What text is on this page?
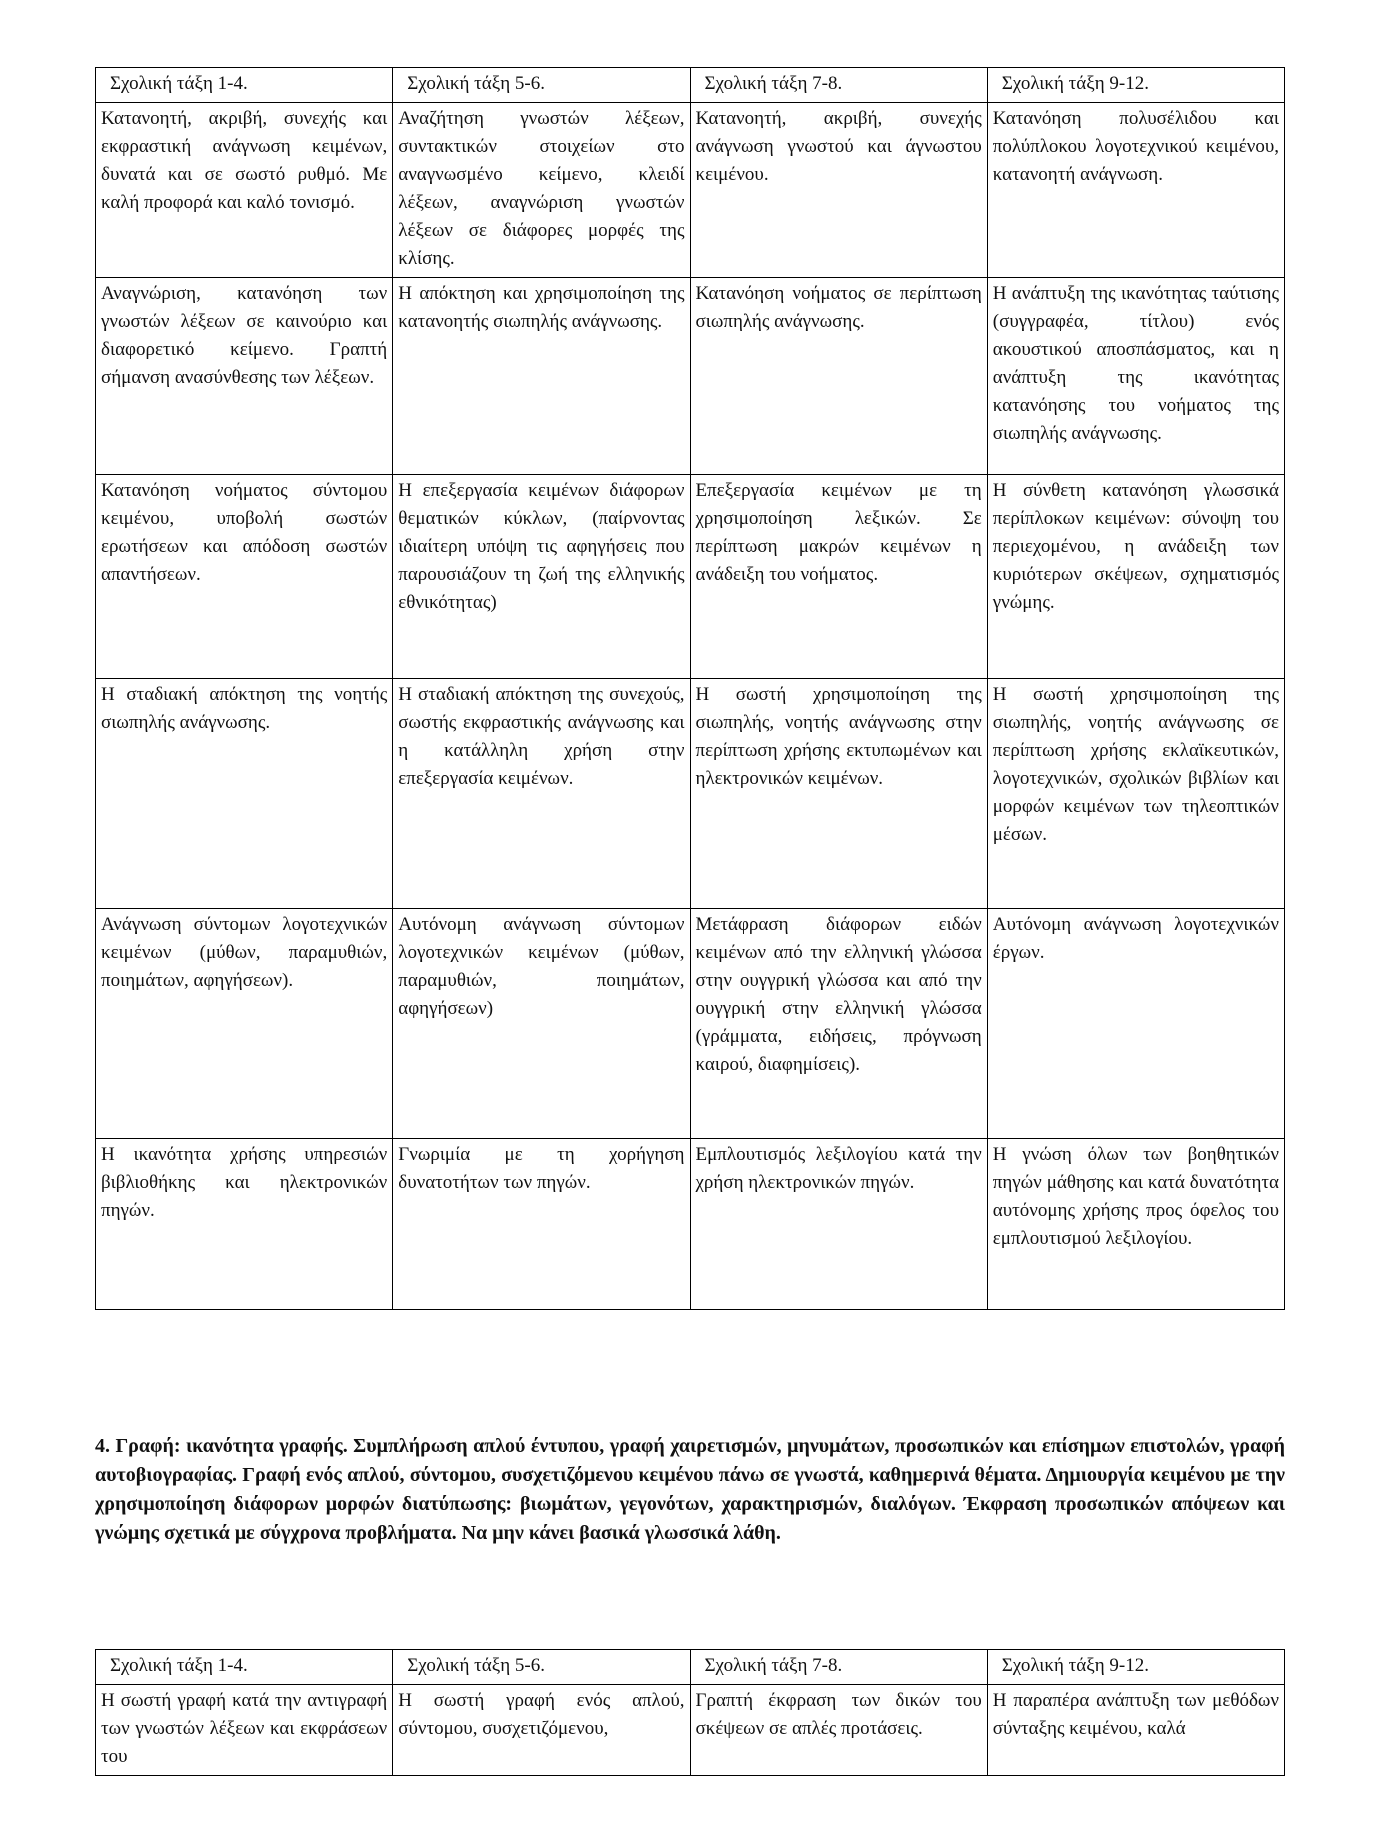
Σχολική τάξη 1-4.	Σχολική τάξη 5-6.	Σχολική τάξη 7-8.	Σχολική τάξη 9-12.
Κατανοητή, ακριβή, συνεχής και εκφραστική ανάγνωση κειμένων, δυνατά και σε σωστό ρυθμό. Με καλή προφορά και καλό τονισμό.	Αναζήτηση γνωστών λέξεων, συντακτικών στοιχείων στο αναγνωσμένο κείμενο, κλειδί λέξεων, αναγνώριση γνωστών λέξεων σε διάφορες μορφές της κλίσης.	Κατανοητή, ακριβή, συνεχής ανάγνωση γνωστού και άγνωστου κειμένου.	Κατανόηση πολυσέλιδου και πολύπλοκου λογοτεχνικού κειμένου, κατανοητή ανάγνωση.
Αναγνώριση, κατανόηση των γνωστών λέξεων σε καινούριο και διαφορετικό κείμενο. Γραπτή σήμανση ανασύνθεσης των λέξεων.	Η απόκτηση και χρησιμοποίηση της κατανοητής σιωπηλής ανάγνωσης.	Κατανόηση νοήματος σε περίπτωση σιωπηλής ανάγνωσης.	Η ανάπτυξη της ικανότητας ταύτισης (συγγραφέα, τίτλου) ενός ακουστικού αποσπάσματος, και η ανάπτυξη της ικανότητας κατανόησης του νοήματος της σιωπηλής ανάγνωσης.
Κατανόηση νοήματος σύντομου κειμένου, υποβολή σωστών ερωτήσεων και απόδοση σωστών απαντήσεων.	Η επεξεργασία κειμένων διάφορων θεματικών κύκλων, (παίρνοντας ιδιαίτερη υπόψη τις αφηγήσεις που παρουσιάζουν τη ζωή της ελληνικής εθνικότητας)	Επεξεργασία κειμένων με τη χρησιμοποίηση λεξικών. Σε περίπτωση μακρών κειμένων η ανάδειξη του νοήματος.	Η σύνθετη κατανόηση γλωσσικά περίπλοκων κειμένων: σύνοψη του περιεχομένου, η ανάδειξη των κυριότερων σκέψεων, σχηματισμός γνώμης.
Η σταδιακή απόκτηση της νοητής σιωπηλής ανάγνωσης.	Η σταδιακή απόκτηση της συνεχούς, σωστής εκφραστικής ανάγνωσης και η κατάλληλη χρήση στην επεξεργασία κειμένων.	Η σωστή χρησιμοποίηση της σιωπηλής, νοητής ανάγνωσης στην περίπτωση χρήσης εκτυπωμένων και ηλεκτρονικών κειμένων.	Η σωστή χρησιμοποίηση της σιωπηλής, νοητής ανάγνωσης σε περίπτωση χρήσης εκλαϊκευτικών, λογοτεχνικών, σχολικών βιβλίων και μορφών κειμένων των τηλεοπτικών μέσων.
Ανάγνωση σύντομων λογοτεχνικών κειμένων (μύθων, παραμυθιών, ποιημάτων, αφηγήσεων).	Αυτόνομη ανάγνωση σύντομων λογοτεχνικών κειμένων (μύθων, παραμυθιών, ποιημάτων, αφηγήσεων)	Μετάφραση διάφορων ειδών κειμένων από την ελληνική γλώσσα στην ουγγρική γλώσσα και από την ουγγρική στην ελληνική γλώσσα (γράμματα, ειδήσεις, πρόγνωση καιρού, διαφημίσεις).	Αυτόνομη ανάγνωση λογοτεχνικών έργων.
Η ικανότητα χρήσης υπηρεσιών βιβλιοθήκης και ηλεκτρονικών πηγών.	Γνωριμία με τη χορήγηση δυνατοτήτων των πηγών.	Εμπλουτισμός λεξιλογίου κατά την χρήση ηλεκτρονικών πηγών.	Η γνώση όλων των βοηθητικών πηγών μάθησης και κατά δυνατότητα αυτόνομης χρήσης προς όφελος του εμπλουτισμού λεξιλογίου.

4. Γραφή: ικανότητα γραφής. Συμπλήρωση απλού έντυπου, γραφή χαιρετισμών, μηνυμάτων, προσωπικών και επίσημων επιστολών, γραφή αυτοβιογραφίας. Γραφή ενός απλού, σύντομου, συσχετιζόμενου κειμένου πάνω σε γνωστά, καθημερινά θέματα. Δημιουργία κειμένου με την χρησιμοποίηση διάφορων μορφών διατύπωσης: βιωμάτων, γεγονότων, χαρακτηρισμών, διαλόγων. Έκφραση προσωπικών απόψεων και γνώμης σχετικά με σύγχρονα προβλήματα. Να μην κάνει βασικά γλωσσικά λάθη.

Σχολική τάξη 1-4.	Σχολική τάξη 5-6.	Σχολική τάξη 7-8.	Σχολική τάξη 9-12.
Η σωστή γραφή κατά την αντιγραφή των γνωστών λέξεων και εκφράσεων του	Η σωστή γραφή ενός απλού, σύντομου, συσχετιζόμενου,	Γραπτή έκφραση των δικών του σκέψεων σε απλές προτάσεις.	Η παραπέρα ανάπτυξη των μεθόδων σύνταξης κειμένου, καλά
